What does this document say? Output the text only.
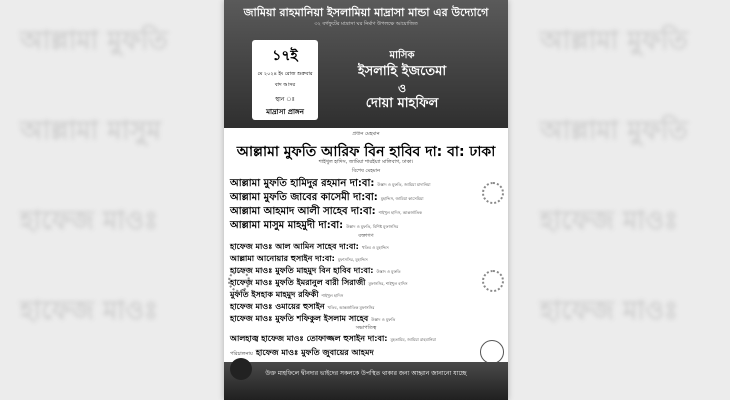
আল্লামা মুফতি	আল্লামা মুফতি
আল্লামা মাসুম	আল্লামা মুফতি
হাফেজ মাওঃ	হাফেজ মাওঃ
হাফেজ মাওঃ	হাফেজ মাওঃ
জামিয়া রাহমানিয়া ইসলামিয়া মাদ্রাসা মান্ডা এর উদ্যোগে
৩২ বর্গফুটের মাদ্রাসা ঘর নির্মাণ উপলক্ষে আয়োজিত
১৭ই
মে ২০২৪ ইং রোজ শুক্রবার
বাদ আসর
স্থান ঃ
মাদ্রাসা প্রাঙ্গন
মাসিক
ইসলাহি ইজতেমা
ও
দোয়া মাহফিল
প্রধান মেহমান
আল্লামা মুফতি আরিফ বিন হাবিব দা: বা: ঢাকা
শাইখুল হাদিস, জামিয়া শারইয়্যা মালিবাগ, ঢাকা।
বিশেষ মেহমান
আল্লামা মুফতি হামিদুর রহমান দা:বা: উস্তাদ ও মুফতি, জামিয়া মাদানিয়া
আল্লামা মুফতি জাবের কাসেমী দা:বা: মুহাদ্দিস, জামিয়া কাসেমিয়া
আল্লামা আহমাদ আলী সাহেব দা:বা: শাইখুল হাদিস, আন্তর্জাতিক
আল্লামা মাসুম মাহমুদী দা:বা: উস্তাদ ও মুফতি, বিশিষ্ট মুফাসসির
বক্তাগণ
হাফেজ মাওঃ আল আমিন সাহেব দা:বা: খতিব ও মুহাদ্দিস
আল্লামা আনোয়ার হুসাইন দা:বা: মুফাসসির, মুহাদ্দিস
হাফেজ মাওঃ মুফতি মাহমুদ বিন হাবিব দা:বা: উস্তাদ ও মুফতি
হাফেজ মাওঃ মুফতি ইমরানুল বারী সিরাজী মুফাসসির, শাইখুল হাদিস
মুফতি ইসহাক মাহমুদ রফিকী শাইখুল হাদিস
হাফেজ মাওঃ ওমায়ের হুসাইন খতিব, আন্তর্জাতিক মুফাসসির
হাফেজ মাওঃ মুফতি শফিকুল ইসলাম সাহেব উস্তাদ ও মুফতি
সভাপতিত্ব
আলহাজ্ব হাফেজ মাওঃ তোফাজ্জল হুসাইন দা:বা: মুহতামিম, জামিয়া রাহমানিয়া
পরিচালনায় হাফেজ মাওঃ মুফতি জুবায়ের আহমদ
উক্ত মাহফিলে দ্বীনদার ভাইদের সকলকে উপস্থিত থাকার জন্য আহ্বান জানানো যাচ্ছে
